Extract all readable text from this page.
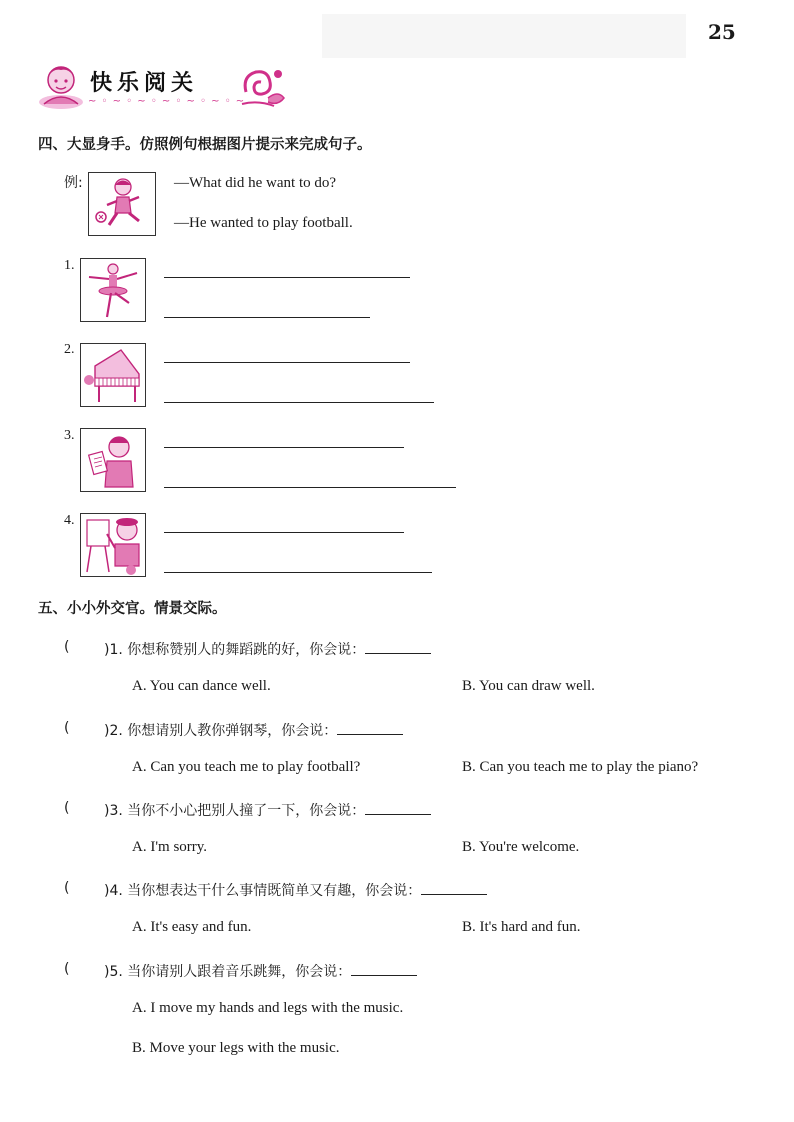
25
快乐阅关
~ ◦ ~ ◦ ~ ◦ ~ ◦ ~ ◦ ~ ◦ ~
四、大显身手。仿照例句根据图片提示来完成句子。
例:	—What did he want to do?
—He wanted to play football.
1.
2.
3.
4.
五、小小外交官。情景交际。
( )1. 你想称赞别人的舞蹈跳的好，你会说：
A. You can dance well.	B. You can draw well.
( )2. 你想请别人教你弹钢琴，你会说：
A. Can you teach me to play football?	B. Can you teach me to play the piano?
( )3. 当你不小心把别人撞了一下，你会说：
A. I'm sorry.	B. You're welcome.
( )4. 当你想表达干什么事情既简单又有趣，你会说：
A. It's easy and fun.	B. It's hard and fun.
( )5. 当你请别人跟着音乐跳舞，你会说：
A. I move my hands and legs with the music.
B. Move your legs with the music.
